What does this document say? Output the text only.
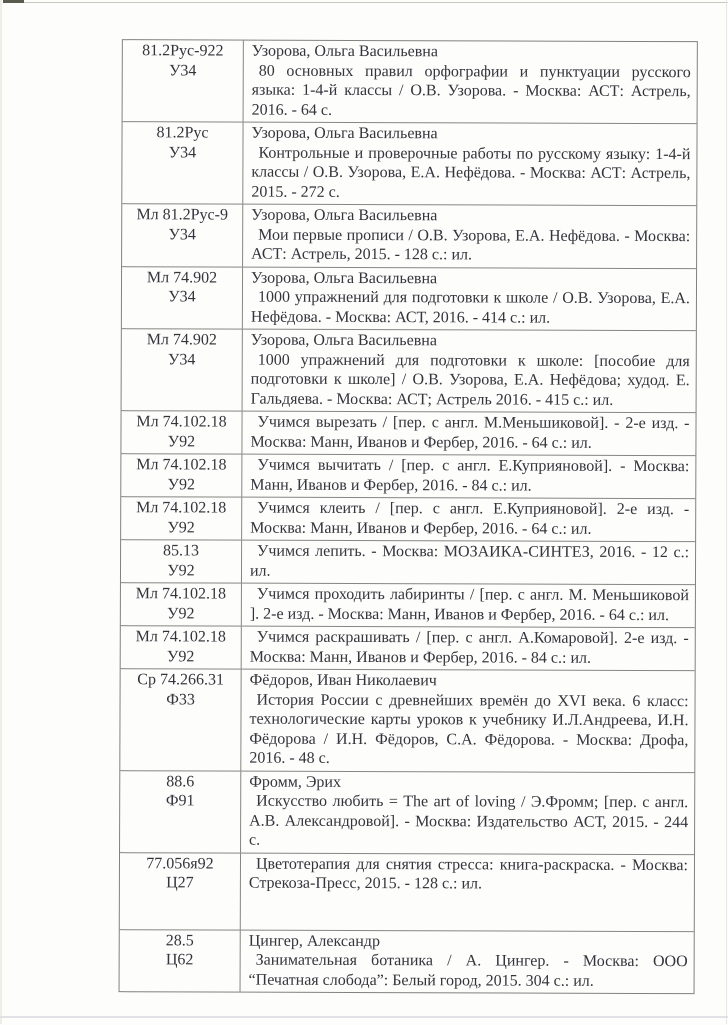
81.2Рус-922
У34
Узорова, Ольга Васильевна
80 основных правил орфографии и пунктуации русского языка: 1-4-й классы / О.В. Узорова. - Москва: АСТ: Астрель, 2016. - 64 с.
81.2Рус
У34
Узорова, Ольга Васильевна
Контрольные и проверочные работы по русскому языку: 1-4-й классы / О.В. Узорова, Е.А. Нефёдова. - Москва: АСТ: Астрель, 2015. - 272 с.
Мл 81.2Рус-9
У34
Узорова, Ольга Васильевна
Мои первые прописи / О.В. Узорова, Е.А. Нефёдова. - Москва: АСТ: Астрель, 2015. - 128 с.: ил.
Мл 74.902
У34
Узорова, Ольга Васильевна
1000 упражнений для подготовки к школе / О.В. Узорова, Е.А. Нефёдова. - Москва: АСТ, 2016. - 414 с.: ил.
Мл 74.902
У34
Узорова, Ольга Васильевна
1000 упражнений для подготовки к школе: [пособие для подготовки к школе] / О.В. Узорова, Е.А. Нефёдова; худод. Е. Гальдяева. - Москва: АСТ; Астрель 2016. - 415 с.: ил.
Мл 74.102.18
У92
Учимся вырезать / [пер. с англ. М.Меньшиковой]. - 2-е изд. - Москва: Манн, Иванов и Фербер, 2016. - 64 с.: ил.
Мл 74.102.18
У92
Учимся вычитать / [пер. с англ. Е.Куприяновой]. - Москва: Манн, Иванов и Фербер, 2016. - 84 с.: ил.
Мл 74.102.18
У92
Учимся клеить / [пер. с англ. Е.Куприяновой]. 2-е изд. - Москва: Манн, Иванов и Фербер, 2016. - 64 с.: ил.
85.13
У92
Учимся лепить. - Москва: МОЗАИКА-СИНТЕЗ, 2016. - 12 с.: ил.
Мл 74.102.18
У92
Учимся проходить лабиринты / [пер. с англ. М. Меньшиковой ]. 2-е изд. - Москва: Манн, Иванов и Фербер, 2016. - 64 с.: ил.
Мл 74.102.18
У92
Учимся раскрашивать / [пер. с англ. А.Комаровой]. 2-е изд. - Москва: Манн, Иванов и Фербер, 2016. - 84 с.: ил.
Ср 74.266.31
Ф33
Фёдоров, Иван Николаевич
История России с древнейших времён до XVI века. 6 класс: технологические карты уроков к учебнику И.Л.Андреева, И.Н. Фёдорова / И.Н. Фёдоров, С.А. Фёдорова. - Москва: Дрофа, 2016. - 48 с.
88.6
Ф91
Фромм, Эрих
Искусство любить = The art of loving / Э.Фромм; [пер. с англ. А.В. Александровой]. - Москва: Издательство АСТ, 2015. - 244 с.
77.056я92
Ц27
Цветотерапия для снятия стресса: книга-раскраска. - Москва: Стрекоза-Пресс, 2015. - 128 с.: ил.
28.5
Ц62
Цингер, Александр
Занимательная ботаника / А. Цингер. - Москва: ООО “Печатная слобода”: Белый город, 2015. 304 с.: ил.
